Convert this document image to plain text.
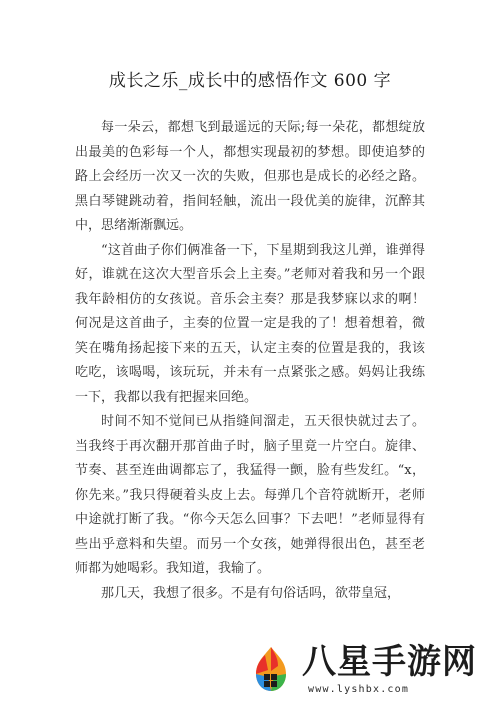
成长之乐_成长中的感悟作文 600 字

每一朵云，都想飞到最遥远的天际;每一朵花，都想绽放出最美的色彩每一个人，都想实现最初的梦想。即使追梦的路上会经历一次又一次的失败，但那也是成长的必经之路。黑白琴键跳动着，指间轻触，流出一段优美的旋律，沉醉其中，思绪渐渐飘远。

“这首曲子你们俩准备一下，下星期到我这儿弹，谁弹得好，谁就在这次大型音乐会上主奏。”老师对着我和另一个跟我年龄相仿的女孩说。音乐会主奏？那是我梦寐以求的啊！何况是这首曲子，主奏的位置一定是我的了！想着想着，微笑在嘴角扬起接下来的五天，认定主奏的位置是我的，我该吃吃，该喝喝，该玩玩，并未有一点紧张之感。妈妈让我练一下，我都以我有把握来回绝。

时间不知不觉间已从指缝间溜走，五天很快就过去了。当我终于再次翻开那首曲子时，脑子里竟一片空白。旋律、节奏、甚至连曲调都忘了，我猛得一颤，脸有些发红。“x，你先来。”我只得硬着头皮上去。每弹几个音符就断开，老师中途就打断了我。“你今天怎么回事？下去吧！”老师显得有些出乎意料和失望。而另一个女孩，她弹得很出色，甚至老师都为她喝彩。我知道，我输了。

那几天，我想了很多。不是有句俗话吗，欲带皇冠，

八星手游网
www.lyshbx.com
